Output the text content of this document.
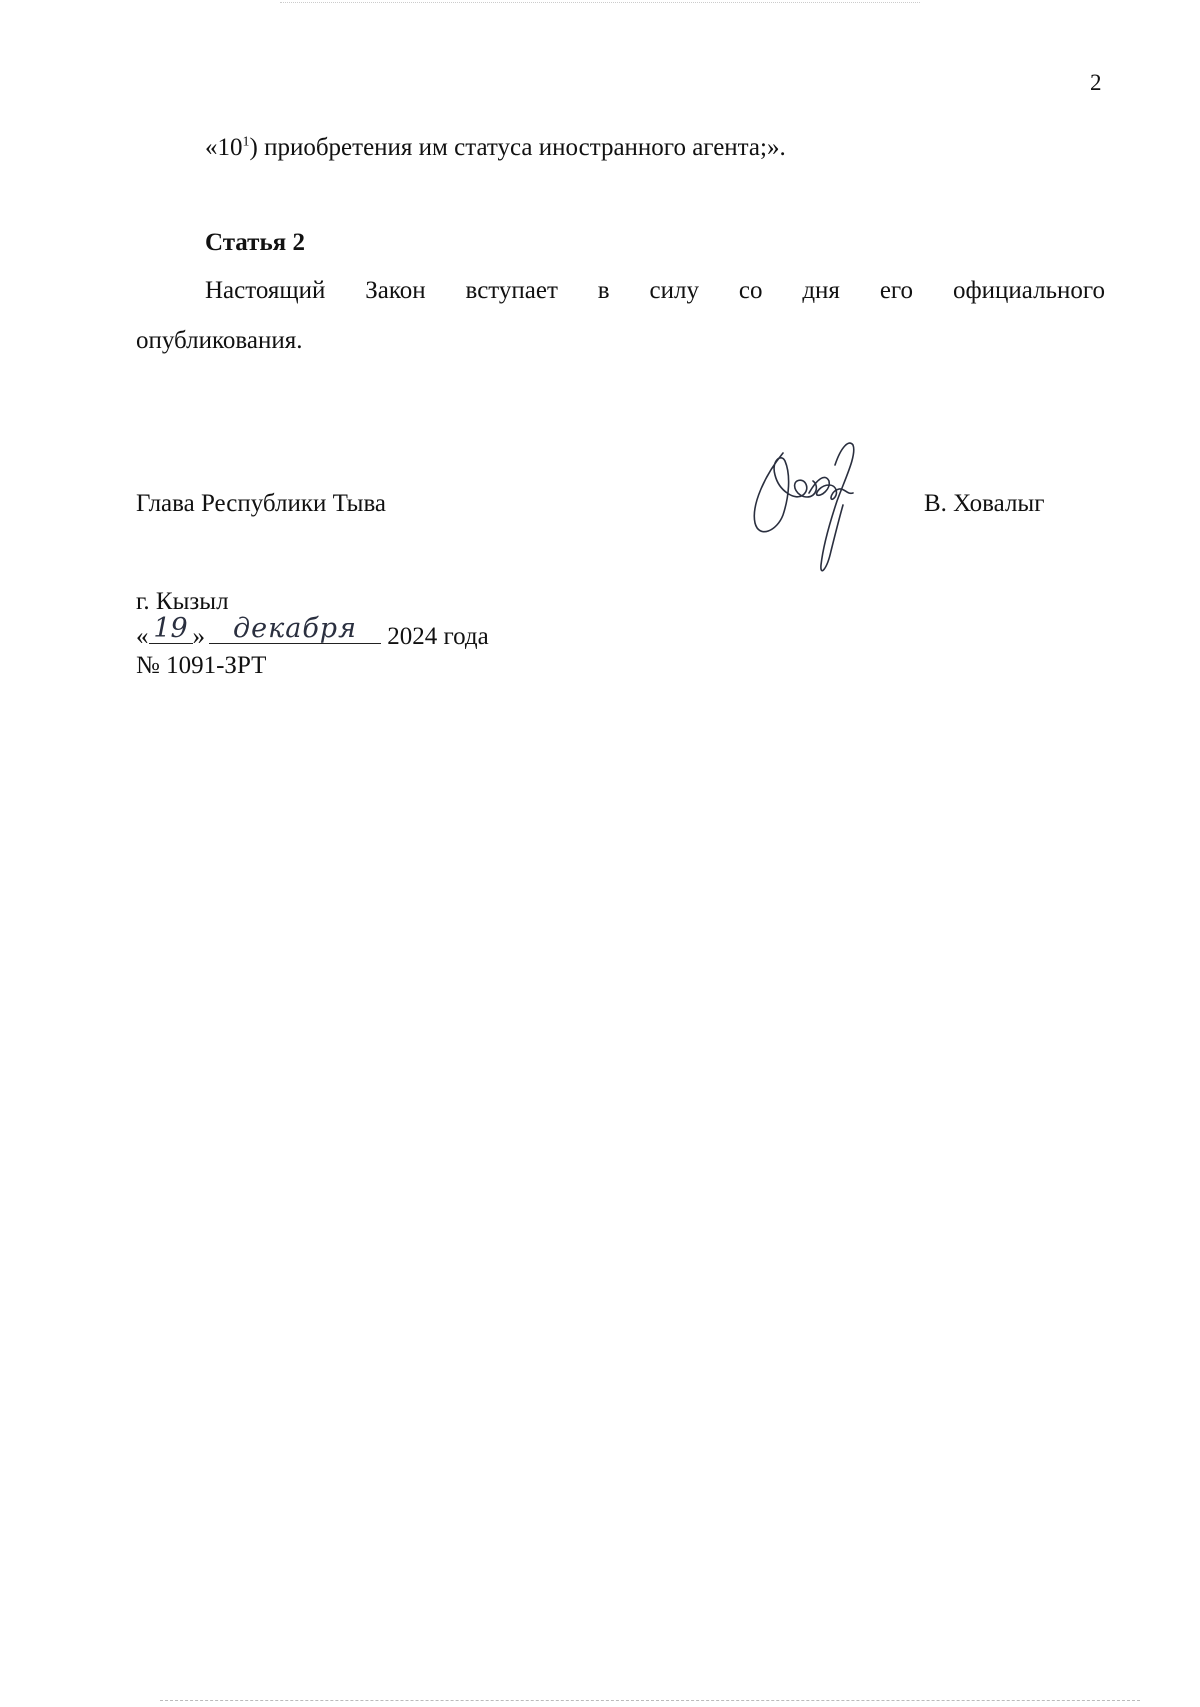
2
«$10^1$) приобретения им статуса иностранного агента;».
Статья 2
Настоящий Закон вступает в силу со дня его официального
опубликования.
Глава Республики Тыва	В. Ховалыг
г. Кызыл
« 19 »	декабря	2024 года
№ 1091-ЗРТ
